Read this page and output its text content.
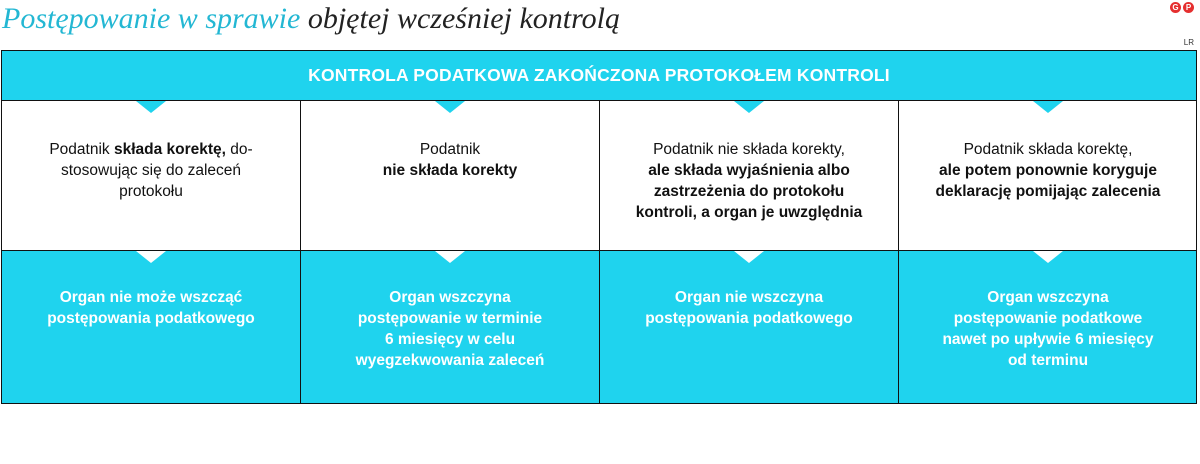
Postępowanie w sprawie objętej wcześniej kontrolą	G P
LR
KONTROLA PODATKOWA ZAKOŃCZONA PROTOKOŁEM KONTROLI
Podatnik składa korektę, do-
stosowując się do zaleceń
protokołu
Podatnik
nie składa korekty
Podatnik nie składa korekty,
ale składa wyjaśnienia albo
zastrzeżenia do protokołu
kontroli, a organ je uwzględnia
Podatnik składa korektę,
ale potem ponownie koryguje
deklarację pomijając zalecenia
Organ nie może wszcząć
postępowania podatkowego
Organ wszczyna
postępowanie w terminie
6 miesięcy w celu
wyegzekwowania zaleceń
Organ nie wszczyna
postępowania podatkowego
Organ wszczyna
postępowanie podatkowe
nawet po upływie 6 miesięcy
od terminu
